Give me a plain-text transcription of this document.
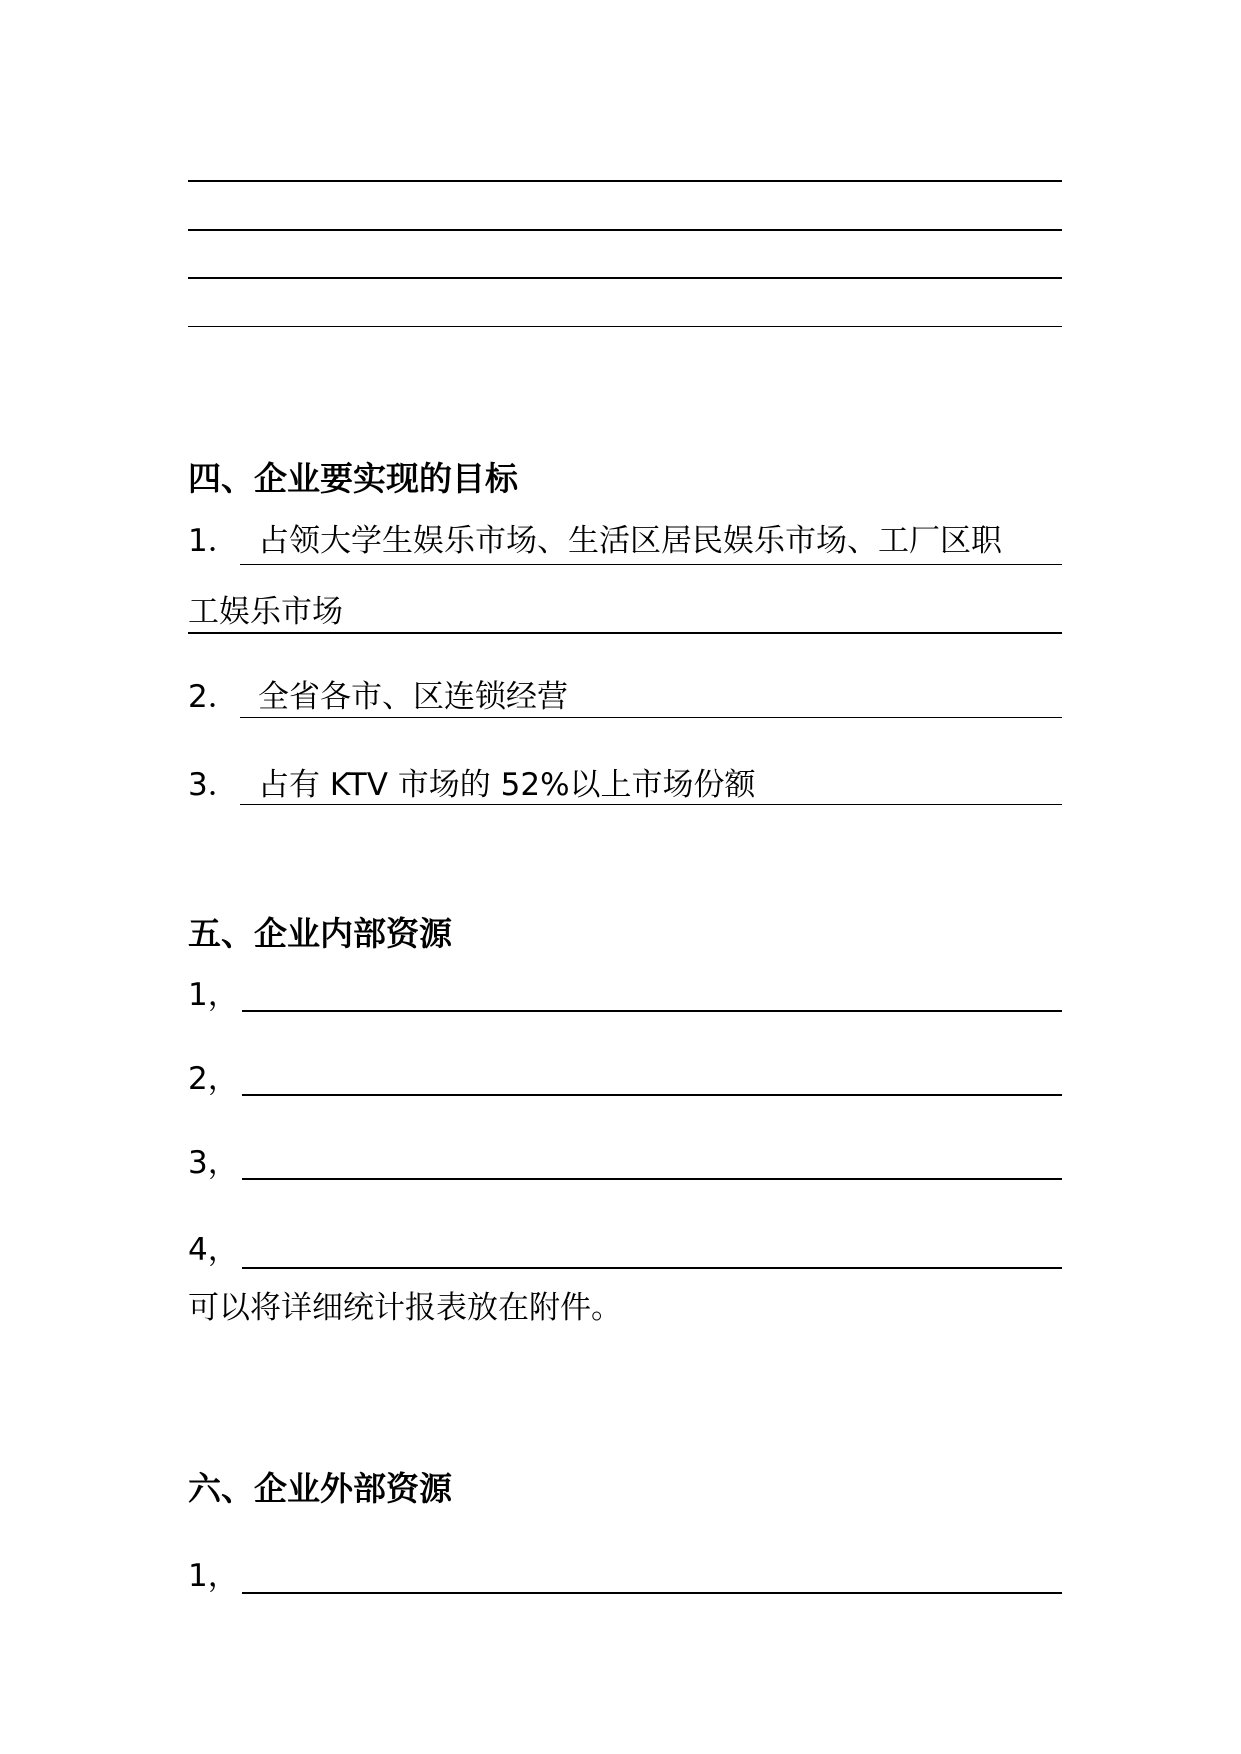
四、企业要实现的目标
1． 占领大学生娱乐市场、生活区居民娱乐市场、工厂区职
工娱乐市场
2． 全省各市、区连锁经营
3． 占有 KTV 市场的 52%以上市场份额
五、企业内部资源
1，
2，
3，
4，
可以将详细统计报表放在附件。
六、企业外部资源
1，
